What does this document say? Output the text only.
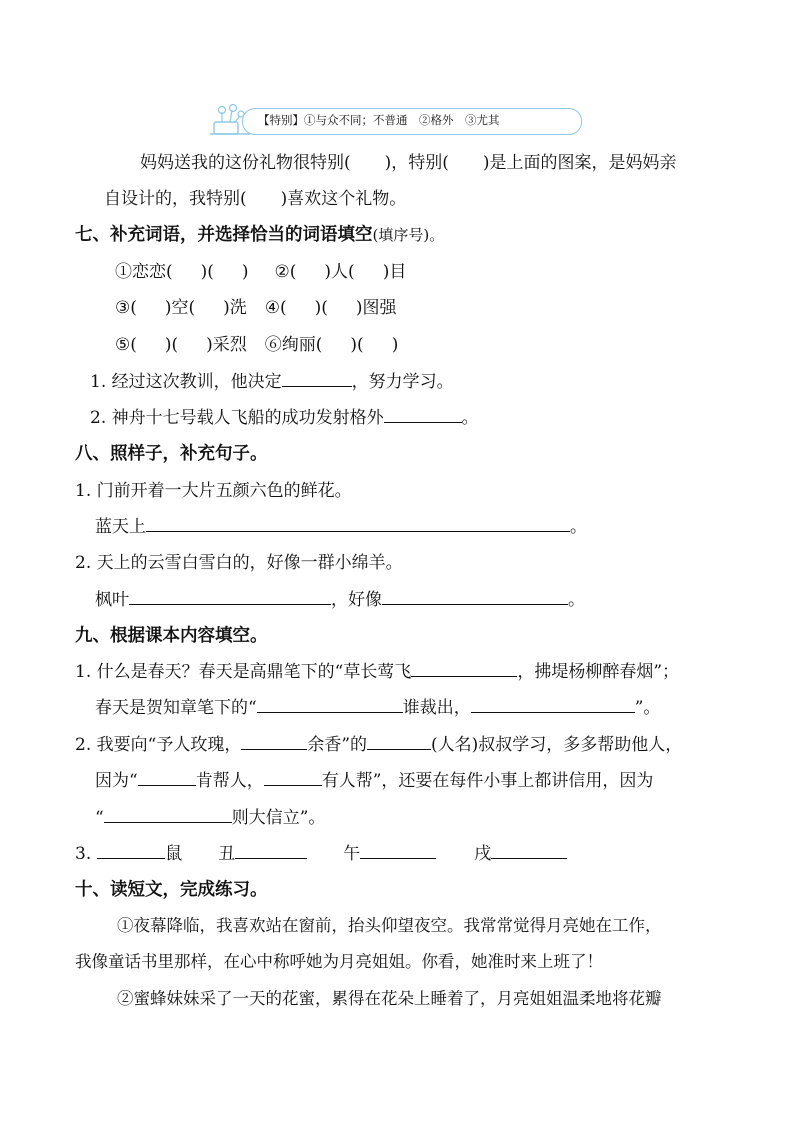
【特别】①与众不同；不普通　②格外　③尤其
妈妈送我的这份礼物很特别( )，特别( )是上面的图案，是妈妈亲
自设计的，我特别( )喜欢这个礼物。
七、补充词语，并选择恰当的词语填空(填序号)。
①恋恋( )( ) ②( )人( )目
③( )空( )洗 ④( )( )图强
⑤( )( )采烈 ⑥绚丽( )( )
1. 经过这次教训，他决定	，努力学习。
2. 神舟十七号载人飞船的成功发射格外	。
八、照样子，补充句子。
1. 门前开着一大片五颜六色的鲜花。
蓝天上	。
2. 天上的云雪白雪白的，好像一群小绵羊。
枫叶	，好像	。
九、根据课本内容填空。
1. 什么是春天？春天是高鼎笔下的“草长莺飞	，拂堤杨柳醉春烟”；
春天是贺知章笔下的“	谁裁出，	”。
2. 我要向“予人玫瑰，	余香”的	(人名)叔叔学习，多多帮助他人，
因为“	肯帮人，	有人帮”，还要在每件小事上都讲信用，因为
“	则大信立”。
3.	鼠 丑	午	戌
十、读短文，完成练习。
①夜幕降临，我喜欢站在窗前，抬头仰望夜空。我常常觉得月亮她在工作，
我像童话书里那样，在心中称呼她为月亮姐姐。你看，她准时来上班了！
②蜜蜂妹妹采了一天的花蜜，累得在花朵上睡着了，月亮姐姐温柔地将花瓣
